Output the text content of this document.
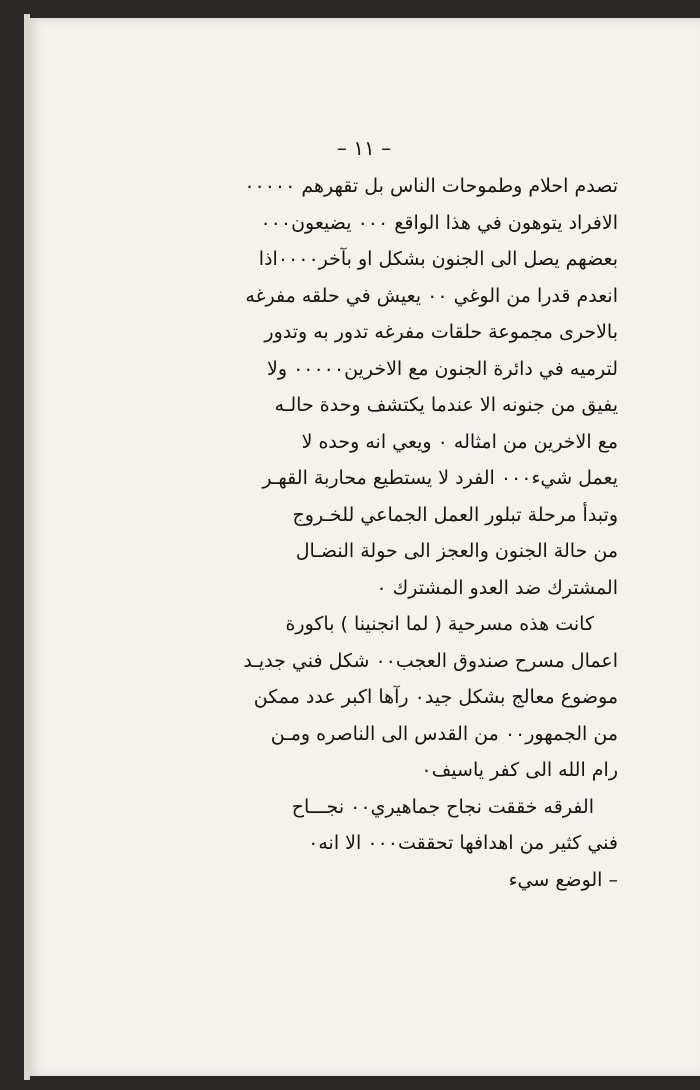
– ١١ –
تصدم احلام وطموحات الناس بل تقهرهم ٠٠٠٠٠
الافراد يتوهون في هذا الواقع ٠٠٠ يضيعون٠٠٠
بعضهم يصل الى الجنون بشكل او بآخر٠٠٠٠اذا
انعدم قدرا من الوغي ٠٠ يعيش في حلقه مفرغه
بالاحرى مجموعة حلقات مفرغه تدور به وتدور
لترميه في دائرة الجنون مع الاخرين٠٠٠٠٠ ولا
يفيق من جنونه الا عندما يكتشف وحدة حالـه
مع الاخرين من امثاله ٠ ويعي انه وحده لا
يعمل شيء٠٠٠ الفرد لا يستطيع محاربة القهـر
وتبدأ مرحلة تبلور العمل الجماعي للخـروج
من حالة الجنون والعجز الى حولة النضـال
المشترك ضد العدو المشترك ٠
كانت هذه مسرحية ( لما انجنينا ) باكورة
اعمال مسرح صندوق العجب٠٠ شكل فني جديـد
موضوع معالج بشكل جيد٠ رآها اكبر عدد ممكن
من الجمهور٠٠ من القدس الى الناصره ومـن
رام الله الى كفر ياسيف٠
الفرقه خققت نجاح جماهيري٠٠ نجـــاح
فني كثير من اهدافها تحققت٠٠٠ الا انه٠
– الوضع سيء
